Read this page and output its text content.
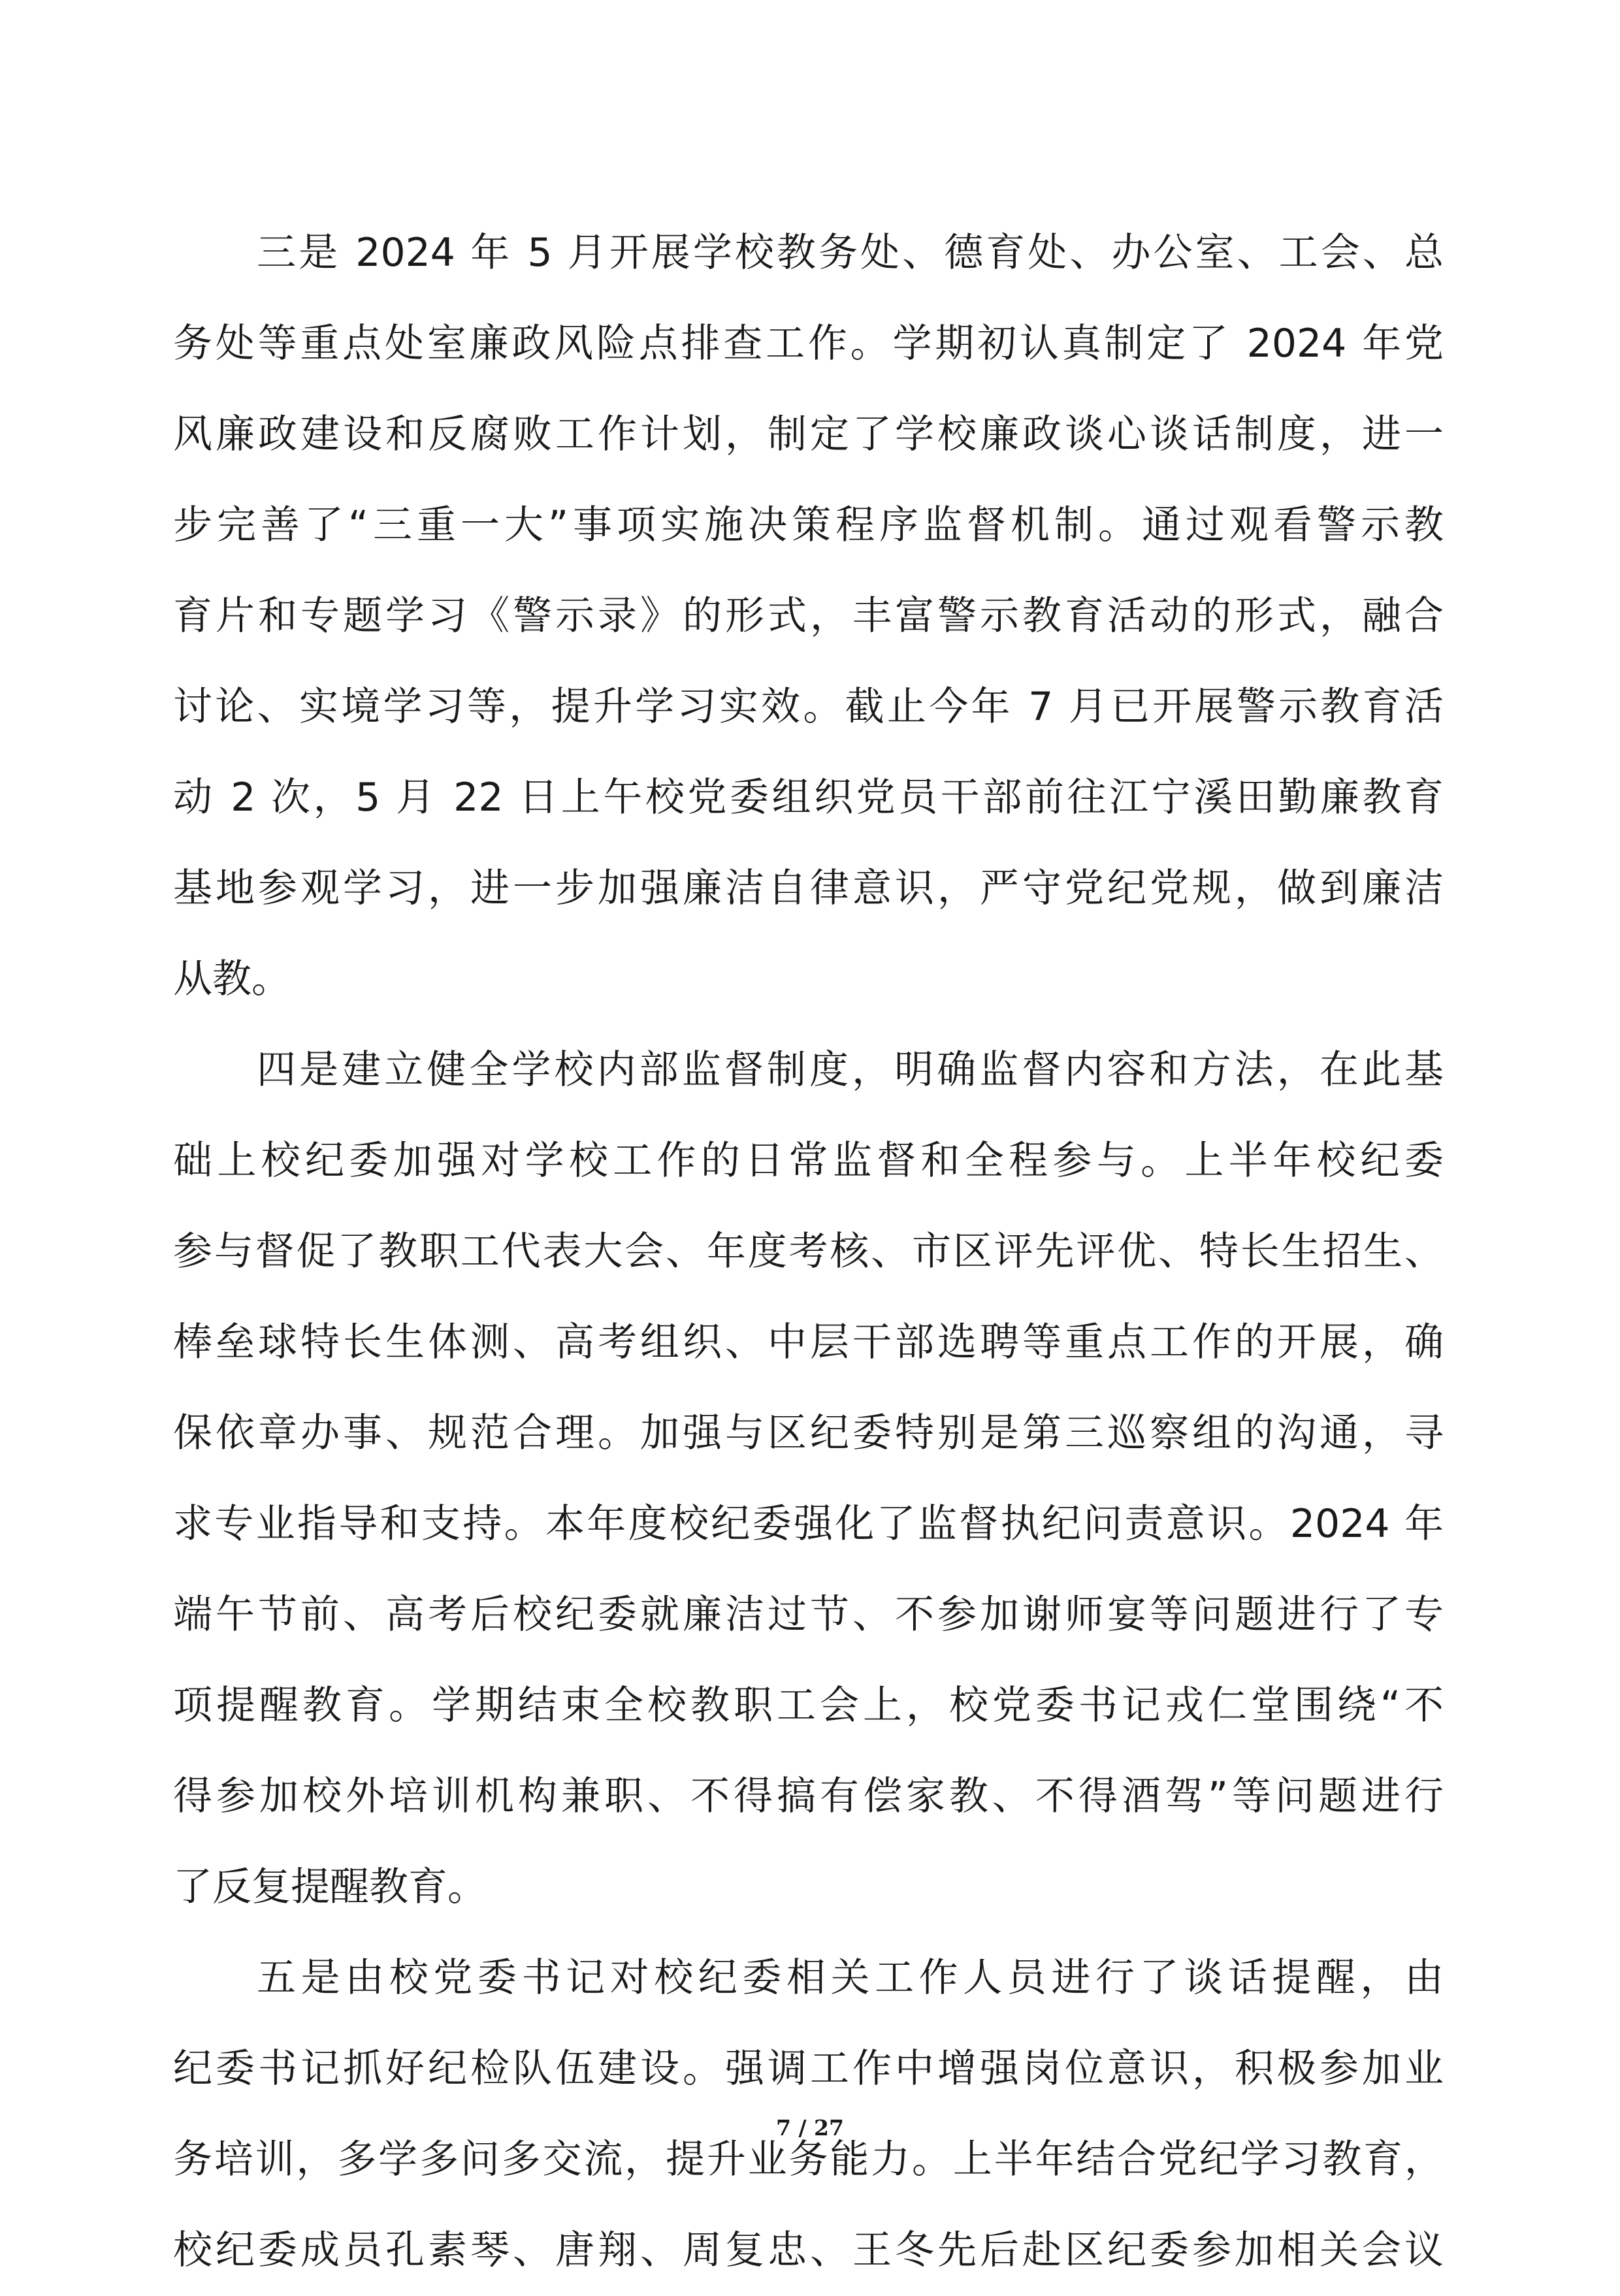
三是 2024 年 5 月开展学校教务处、德育处、办公室、工会、总
务处等重点处室廉政风险点排查工作。学期初认真制定了 2024 年党
风廉政建设和反腐败工作计划，制定了学校廉政谈心谈话制度，进一
步完善了“三重一大”事项实施决策程序监督机制。通过观看警示教
育片和专题学习《警示录》的形式，丰富警示教育活动的形式，融合
讨论、实境学习等，提升学习实效。截止今年 7 月已开展警示教育活
动 2 次，5 月 22 日上午校党委组织党员干部前往江宁溪田勤廉教育
基地参观学习，进一步加强廉洁自律意识，严守党纪党规，做到廉洁
从教。
四是建立健全学校内部监督制度，明确监督内容和方法，在此基
础上校纪委加强对学校工作的日常监督和全程参与。上半年校纪委
参与督促了教职工代表大会、年度考核、市区评先评优、特长生招生、
棒垒球特长生体测、高考组织、中层干部选聘等重点工作的开展，确
保依章办事、规范合理。加强与区纪委特别是第三巡察组的沟通，寻
求专业指导和支持。本年度校纪委强化了监督执纪问责意识。2024 年
端午节前、高考后校纪委就廉洁过节、不参加谢师宴等问题进行了专
项提醒教育。学期结束全校教职工会上，校党委书记戎仁堂围绕“不
得参加校外培训机构兼职、不得搞有偿家教、不得酒驾”等问题进行
了反复提醒教育。
五是由校党委书记对校纪委相关工作人员进行了谈话提醒，由
纪委书记抓好纪检队伍建设。强调工作中增强岗位意识，积极参加业
务培训，多学多问多交流，提升业务能力。上半年结合党纪学习教育，
校纪委成员孔素琴、唐翔、周复忠、王冬先后赴区纪委参加相关会议
7 / 27
